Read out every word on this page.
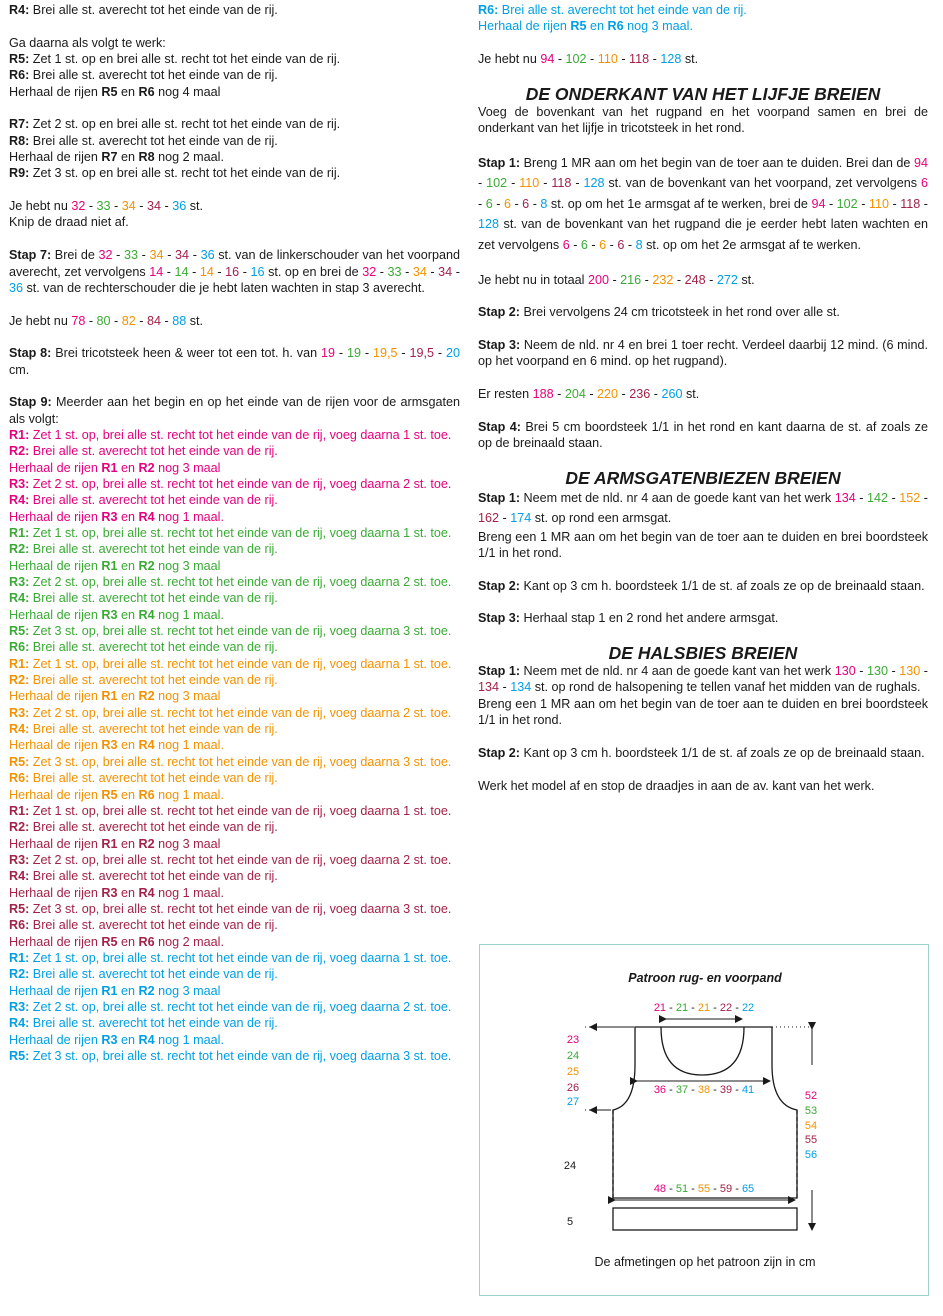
R4: Brei alle st. averecht tot het einde van de rij.

Ga daarna als volgt te werk:

R5: Zet 1 st. op en brei alle st. recht tot het einde van de rij.

R6: Brei alle st. averecht tot het einde van de rij.

Herhaal de rijen R5 en R6 nog 4 maal

R7: Zet 2 st. op en brei alle st. recht tot het einde van de rij.

R8: Brei alle st. averecht tot het einde van de rij.

Herhaal de rijen R7 en R8 nog 2 maal.

R9: Zet 3 st. op en brei alle st. recht tot het einde van de rij.

Je hebt nu 32 - 33 - 34 - 34 - 36 st.

Knip de draad niet af.

Stap 7: Brei de 32 - 33 - 34 - 34 - 36 st. van de linkerschouder van het voorpand averecht, zet vervolgens 14 - 14 - 14 - 16 - 16 st. op en brei de 32 - 33 - 34 - 34 - 36 st. van de rechterschouder die je hebt laten wachten in stap 3 averecht.

Je hebt nu 78 - 80 - 82 - 84 - 88 st.

Stap 8: Brei tricotsteek heen & weer tot een tot. h. van 19 - 19 - 19,5 - 19,5 - 20 cm.

Stap 9: Meerder aan het begin en op het einde van de rijen voor de armsgaten als volgt:

R1: Zet 1 st. op, brei alle st. recht tot het einde van de rij, voeg daarna 1 st. toe.

R2: Brei alle st. averecht tot het einde van de rij.

Herhaal de rijen R1 en R2 nog 3 maal

R3: Zet 2 st. op, brei alle st. recht tot het einde van de rij, voeg daarna 2 st. toe.

R4: Brei alle st. averecht tot het einde van de rij.

Herhaal de rijen R3 en R4 nog 1 maal.

R1: Zet 1 st. op, brei alle st. recht tot het einde van de rij, voeg daarna 1 st. toe.

R2: Brei alle st. averecht tot het einde van de rij.

Herhaal de rijen R1 en R2 nog 3 maal

R3: Zet 2 st. op, brei alle st. recht tot het einde van de rij, voeg daarna 2 st. toe.

R4: Brei alle st. averecht tot het einde van de rij.

Herhaal de rijen R3 en R4 nog 1 maal.

R5: Zet 3 st. op, brei alle st. recht tot het einde van de rij, voeg daarna 3 st. toe.

R6: Brei alle st. averecht tot het einde van de rij.

R1: Zet 1 st. op, brei alle st. recht tot het einde van de rij, voeg daarna 1 st. toe.

R2: Brei alle st. averecht tot het einde van de rij.

Herhaal de rijen R1 en R2 nog 3 maal

R3: Zet 2 st. op, brei alle st. recht tot het einde van de rij, voeg daarna 2 st. toe.

R4: Brei alle st. averecht tot het einde van de rij.

Herhaal de rijen R3 en R4 nog 1 maal.

R5: Zet 3 st. op, brei alle st. recht tot het einde van de rij, voeg daarna 3 st. toe.

R6: Brei alle st. averecht tot het einde van de rij.

Herhaal de rijen R5 en R6 nog 1 maal.

R1: Zet 1 st. op, brei alle st. recht tot het einde van de rij, voeg daarna 1 st. toe.

R2: Brei alle st. averecht tot het einde van de rij.

Herhaal de rijen R1 en R2 nog 3 maal

R3: Zet 2 st. op, brei alle st. recht tot het einde van de rij, voeg daarna 2 st. toe.

R4: Brei alle st. averecht tot het einde van de rij.

Herhaal de rijen R3 en R4 nog 1 maal.

R5: Zet 3 st. op, brei alle st. recht tot het einde van de rij, voeg daarna 3 st. toe.

R6: Brei alle st. averecht tot het einde van de rij.

Herhaal de rijen R5 en R6 nog 2 maal.

R1: Zet 1 st. op, brei alle st. recht tot het einde van de rij, voeg daarna 1 st. toe.

R2: Brei alle st. averecht tot het einde van de rij.

Herhaal de rijen R1 en R2 nog 3 maal

R3: Zet 2 st. op, brei alle st. recht tot het einde van de rij, voeg daarna 2 st. toe.

R4: Brei alle st. averecht tot het einde van de rij.

Herhaal de rijen R3 en R4 nog 1 maal.

R5: Zet 3 st. op, brei alle st. recht tot het einde van de rij, voeg daarna 3 st. toe.

R6: Brei alle st. averecht tot het einde van de rij.

Herhaal de rijen R5 en R6 nog 3 maal.

Je hebt nu 94 - 102 - 110 - 118 - 128 st.

DE ONDERKANT VAN HET LIJFJE BREIEN

Voeg de bovenkant van het rugpand en het voorpand samen en brei de onderkant van het lijfje in tricotsteek in het rond.

Stap 1: Breng 1 MR aan om het begin van de toer aan te duiden. Brei dan de 94 - 102 - 110 - 118 - 128 st. van de bovenkant van het voorpand, zet vervolgens 6 - 6 - 6 - 6 - 8 st. op om het 1e armsgat af te werken, brei de 94 - 102 - 110 - 118 - 128 st. van de bovenkant van het rugpand die je eerder hebt laten wachten en zet vervolgens 6 - 6 - 6 - 6 - 8 st. op om het 2e armsgat af te werken.

Je hebt nu in totaal 200 - 216 - 232 - 248 - 272 st.

Stap 2: Brei vervolgens 24 cm tricotsteek in het rond over alle st.

Stap 3: Neem de nld. nr 4 en brei 1 toer recht. Verdeel daarbij 12 mind. (6 mind. op het voorpand en 6 mind. op het rugpand).

Er resten 188 - 204 - 220 - 236 - 260 st.

Stap 4: Brei 5 cm boordsteek 1/1 in het rond en kant daarna de st. af zoals ze op de breinaald staan.

DE ARMSGATENBIEZEN BREIEN

Stap 1: Neem met de nld. nr 4 aan de goede kant van het werk 134 - 142 - 152 - 162 - 174 st. op rond een armsgat.

Breng een 1 MR aan om het begin van de toer aan te duiden en brei boordsteek 1/1 in het rond.

Stap 2: Kant op 3 cm h. boordsteek 1/1 de st. af zoals ze op de breinaald staan.

Stap 3: Herhaal stap 1 en 2 rond het andere armsgat.

DE HALSBIES BREIEN

Stap 1: Neem met de nld. nr 4 aan de goede kant van het werk 130 - 130 - 130 - 134 - 134 st. op rond de halsopening te tellen vanaf het midden van de rughals.

Breng een 1 MR aan om het begin van de toer aan te duiden en brei boordsteek 1/1 in het rond.

Stap 2: Kant op 3 cm h. boordsteek 1/1 de st. af zoals ze op de breinaald staan.

Werk het model af en stop de draadjes in aan de av. kant van het werk.

Patroon rug- en voorpand
21 - 21 - 21 - 22 - 22
36 - 37 - 38 - 39 - 41
48 - 51 - 55 - 59 - 65
23
24
25
26
27	52
53
54
55
56
24
5
De afmetingen op het patroon zijn in cm
